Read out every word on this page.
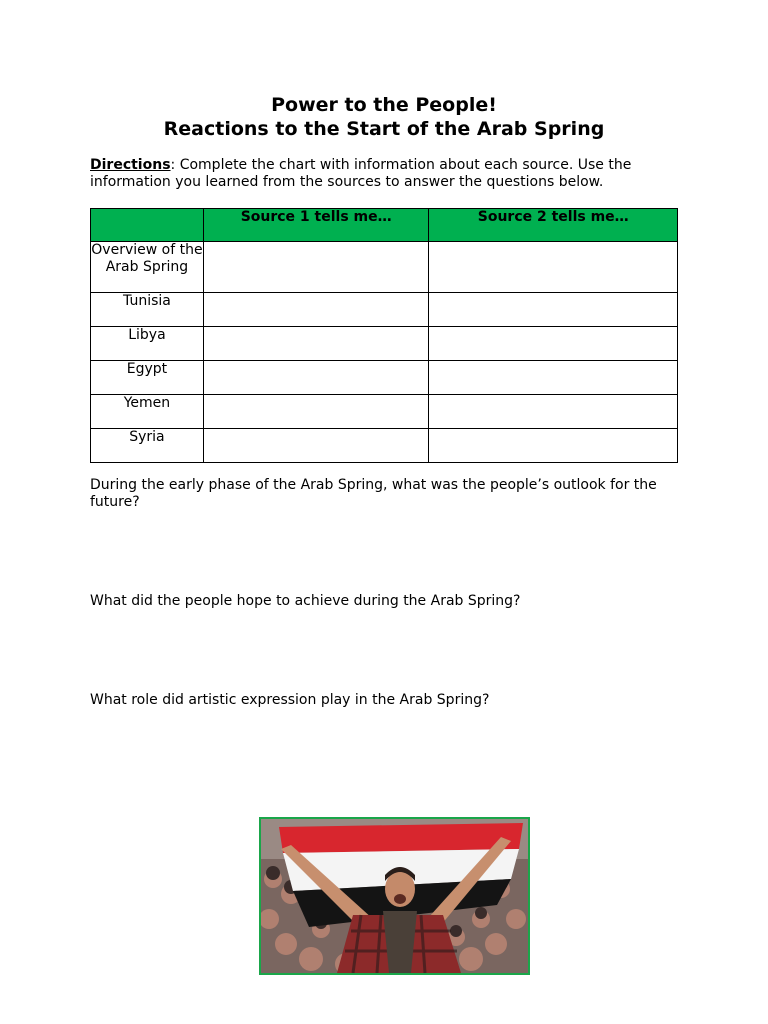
Power to the People!
Reactions to the Start of the Arab Spring
Directions: Complete the chart with information about each source. Use the information you learned from the sources to answer the questions below.
	Source 1 tells me…	Source 2 tells me…
Overview of the Arab Spring		
Tunisia		
Libya		
Egypt		
Yemen		
Syria		
During the early phase of the Arab Spring, what was the people’s outlook for the future?
What did the people hope to achieve during the Arab Spring?
What role did artistic expression play in the Arab Spring?
